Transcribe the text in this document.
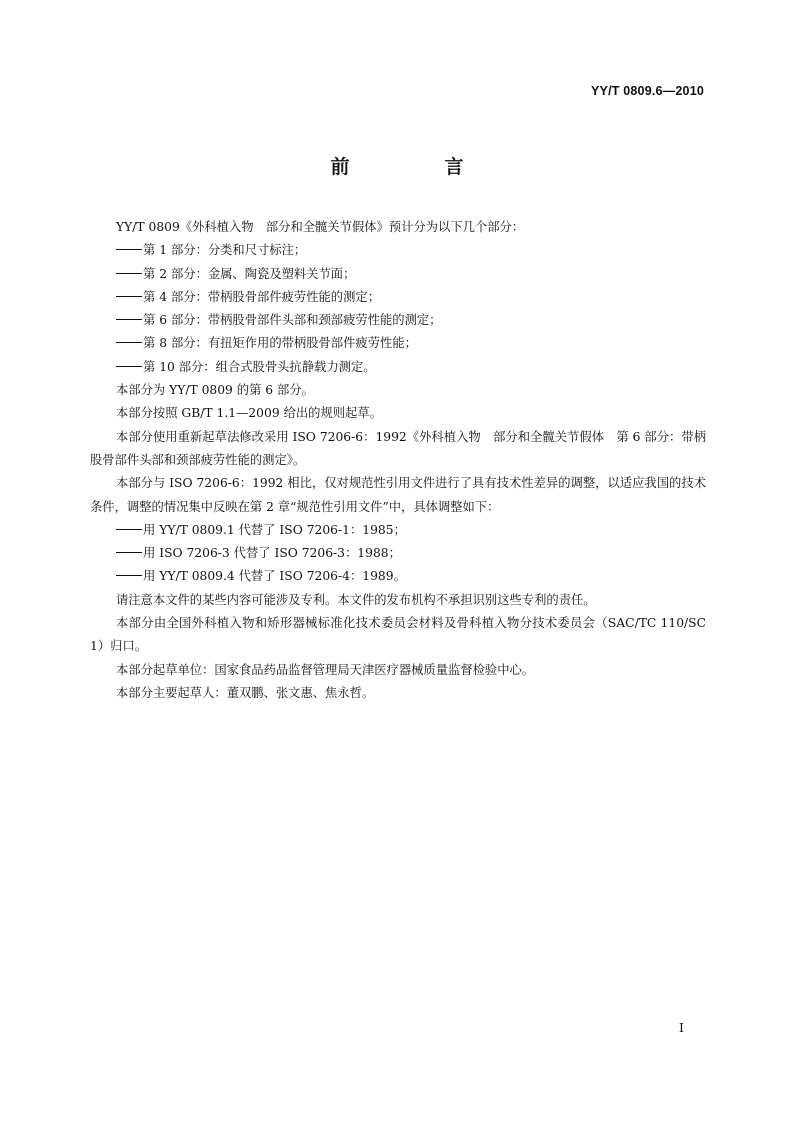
YY/T 0809.6—2010
前　言

YY/T 0809《外科植入物　部分和全髋关节假体》预计分为以下几个部分：

第 1 部分：分类和尺寸标注；

第 2 部分：金属、陶瓷及塑料关节面；

第 4 部分：带柄股骨部件疲劳性能的测定；

第 6 部分：带柄股骨部件头部和颈部疲劳性能的测定；

第 8 部分：有扭矩作用的带柄股骨部件疲劳性能；

第 10 部分：组合式股骨头抗静载力测定。

本部分为 YY/T 0809 的第 6 部分。

本部分按照 GB/T 1.1—2009 给出的规则起草。

本部分使用重新起草法修改采用 ISO 7206-6：1992《外科植入物　部分和全髋关节假体　第 6 部分：带柄股骨部件头部和颈部疲劳性能的测定》。

本部分与 ISO 7206-6：1992 相比，仅对规范性引用文件进行了具有技术性差异的调整，以适应我国的技术条件，调整的情况集中反映在第 2 章“规范性引用文件”中，具体调整如下：

用 YY/T 0809.1 代替了 ISO 7206-1：1985；

用 ISO 7206-3 代替了 ISO 7206-3：1988；

用 YY/T 0809.4 代替了 ISO 7206-4：1989。

请注意本文件的某些内容可能涉及专利。本文件的发布机构不承担识别这些专利的责任。

本部分由全国外科植入物和矫形器械标准化技术委员会材料及骨科植入物分技术委员会（SAC/TC 110/SC 1）归口。

本部分起草单位：国家食品药品监督管理局天津医疗器械质量监督检验中心。

本部分主要起草人：董双鹏、张文惠、焦永哲。

I
